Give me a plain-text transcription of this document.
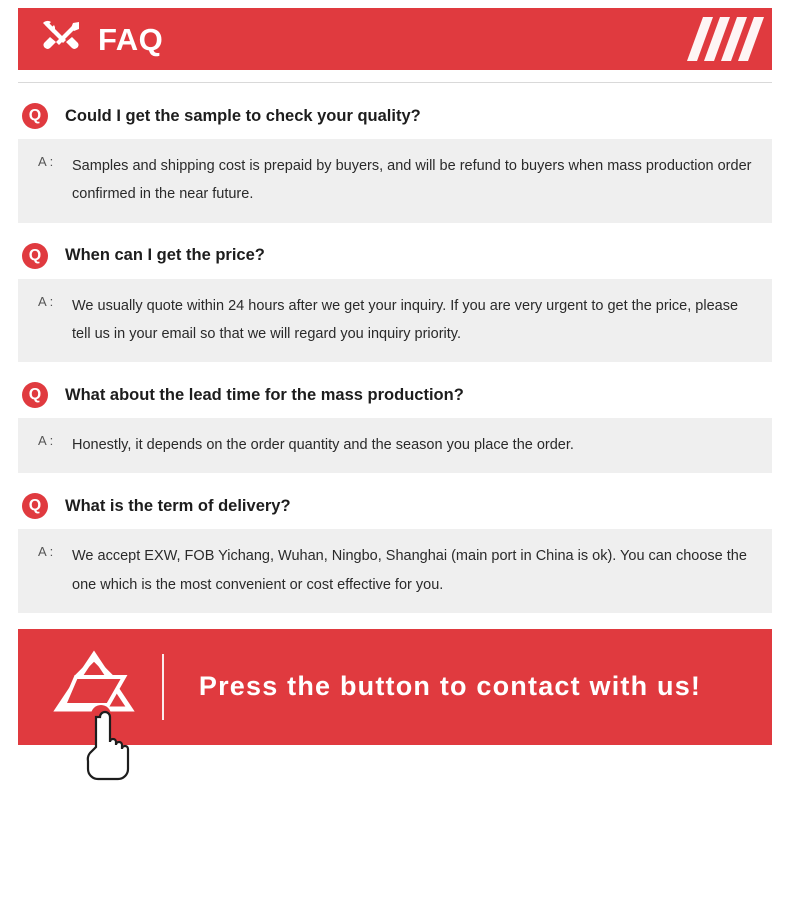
FAQ
Q	Could I get the sample to check your quality?
A :	Samples and shipping cost is prepaid by buyers, and will be refund to buyers when mass production order confirmed in the near future.
Q	When can I get the price?
A :	We usually quote within 24 hours after we get your inquiry. If you are very urgent to get the price, please tell us in your email so that we will regard you inquiry priority.
Q	What about the lead time for the mass production?
A :	Honestly, it depends on the order quantity and the season you place the order.
Q	What is the term of delivery?
A :	We accept EXW, FOB Yichang, Wuhan, Ningbo, Shanghai (main port in China is ok). You can choose the one which is the most convenient or cost effective for you.
Press the button to contact with us!
